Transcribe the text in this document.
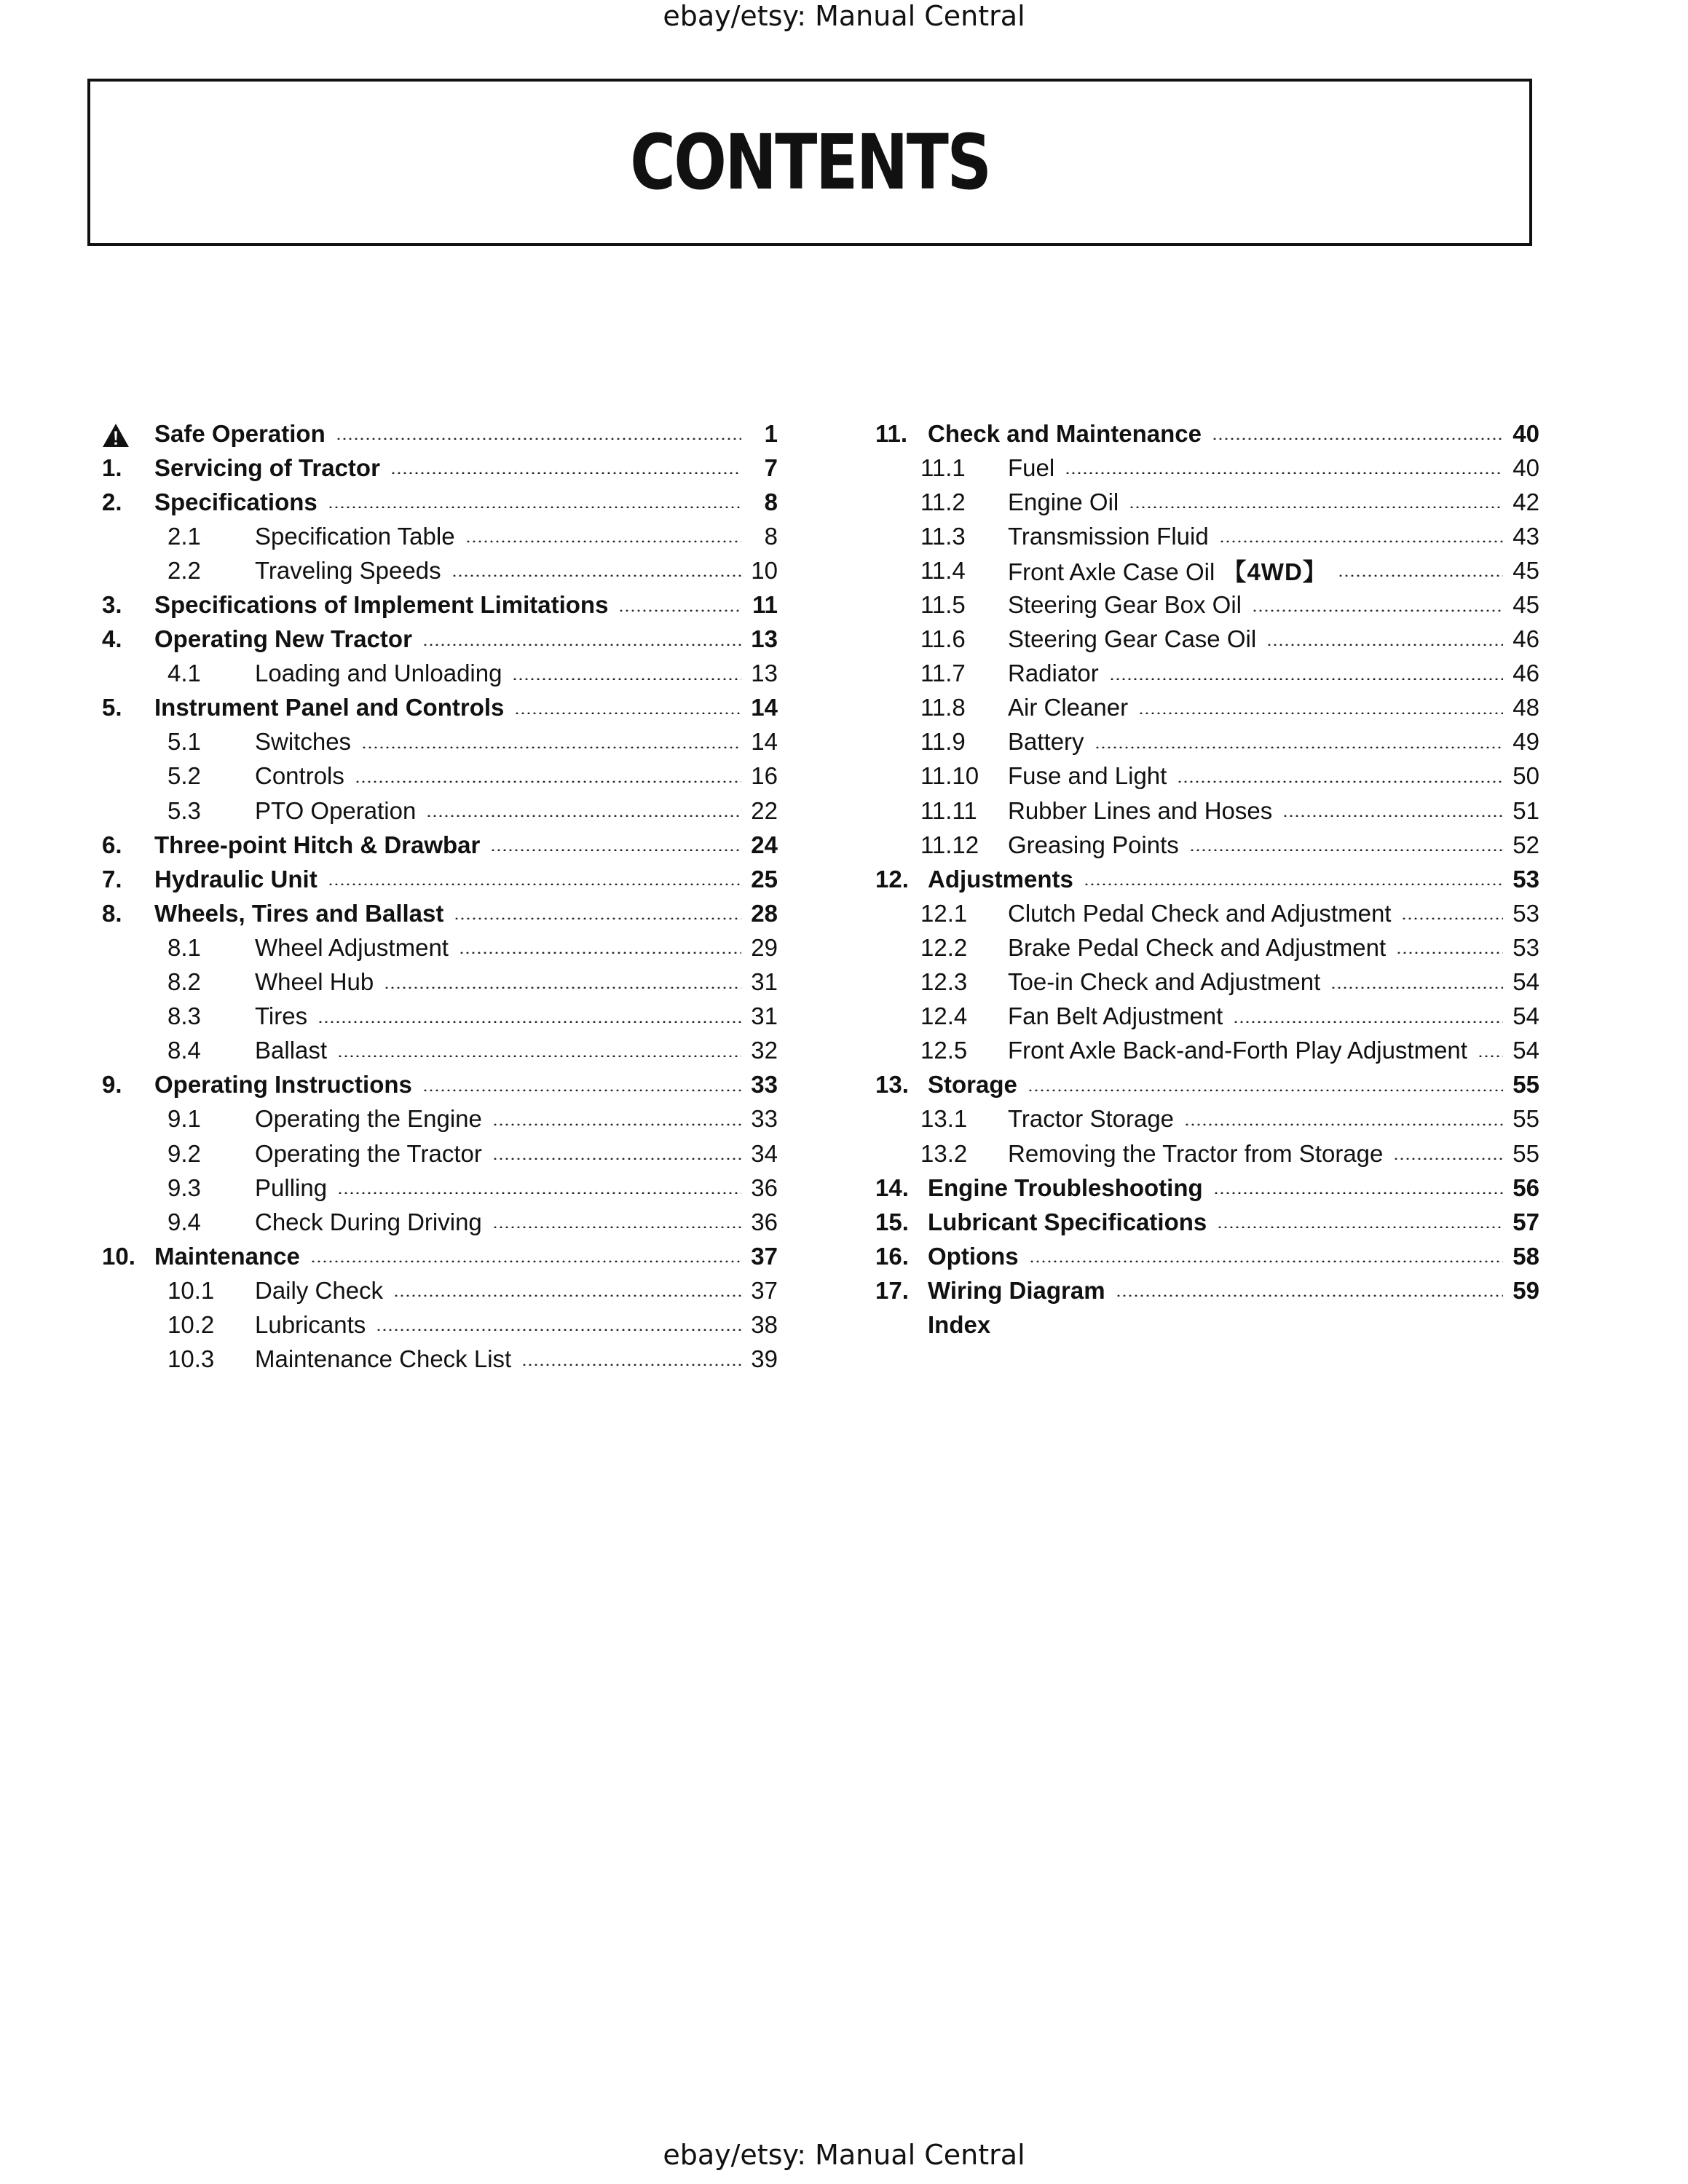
ebay/etsy: Manual Central
CONTENTS
Safe Operation	1
1.	Servicing of Tractor	7
2.	Specifications	8
2.1	Specification Table	8
2.2	Traveling Speeds	10
3.	Specifications of Implement Limitations	11
4.	Operating New Tractor	13
4.1	Loading and Unloading	13
5.	Instrument Panel and Controls	14
5.1	Switches	14
5.2	Controls	16
5.3	PTO Operation	22
6.	Three-point Hitch & Drawbar	24
7.	Hydraulic Unit	25
8.	Wheels, Tires and Ballast	28
8.1	Wheel Adjustment	29
8.2	Wheel Hub	31
8.3	Tires	31
8.4	Ballast	32
9.	Operating Instructions	33
9.1	Operating the Engine	33
9.2	Operating the Tractor	34
9.3	Pulling	36
9.4	Check During Driving	36
10. Maintenance	37
10.1	Daily Check	37
10.2	Lubricants	38
10.3	Maintenance Check List	39
11. Check and Maintenance	40
11.1	Fuel	40
11.2	Engine Oil	42
11.3	Transmission Fluid	43
11.4	Front Axle Case Oil 【4WD】	45
11.5	Steering Gear Box Oil	45
11.6	Steering Gear Case Oil	46
11.7	Radiator	46
11.8	Air Cleaner	48
11.9	Battery	49
11.10	Fuse and Light	50
11.11	Rubber Lines and Hoses	51
11.12	Greasing Points	52
12. Adjustments	53
12.1	Clutch Pedal Check and Adjustment	53
12.2	Brake Pedal Check and Adjustment	53
12.3	Toe-in Check and Adjustment	54
12.4	Fan Belt Adjustment	54
12.5	Front Axle Back-and-Forth Play Adjustment	54
13. Storage	55
13.1	Tractor Storage	55
13.2	Removing the Tractor from Storage	55
14. Engine Troubleshooting	56
15. Lubricant Specifications	57
16. Options	58
17. Wiring Diagram	59
Index
ebay/etsy: Manual Central
